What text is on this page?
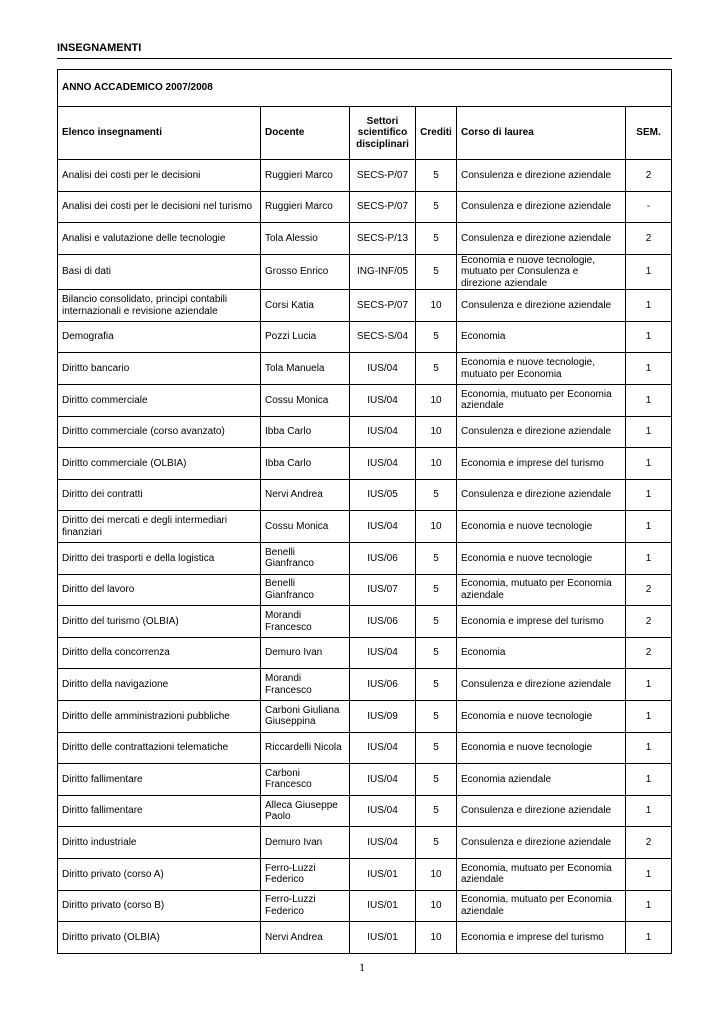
INSEGNAMENTI
ANNO ACCADEMICO 2007/2008					
Elenco insegnamenti	Docente	Settori scientifico disciplinari	Crediti	Corso di laurea	SEM.
Analisi dei costi per le decisioni	Ruggieri Marco	SECS-P/07	5	Consulenza e direzione aziendale	2
Analisi dei costi per le decisioni nel turismo	Ruggieri Marco	SECS-P/07	5	Consulenza e direzione aziendale	-
Analisi e valutazione delle tecnologie	Tola Alessio	SECS-P/13	5	Consulenza e direzione aziendale	2
Basi di dati	Grosso Enrico	ING-INF/05	5	Economia e nuove tecnologie, mutuato per Consulenza e direzione aziendale	1
Bilancio consolidato, principi contabili internazionali e revisione aziendale	Corsi Katia	SECS-P/07	10	Consulenza e direzione aziendale	1
Demografia	Pozzi Lucia	SECS-S/04	5	Economia	1
Diritto bancario	Tola Manuela	IUS/04	5	Economia e nuove tecnologie, mutuato per Economia	1
Diritto commerciale	Cossu Monica	IUS/04	10	Economia, mutuato per Economia aziendale	1
Diritto commerciale (corso avanzato)	Ibba Carlo	IUS/04	10	Consulenza e direzione aziendale	1
Diritto commerciale (OLBIA)	Ibba Carlo	IUS/04	10	Economia e imprese del turismo	1
Diritto dei contratti	Nervi Andrea	IUS/05	5	Consulenza e direzione aziendale	1
Diritto dei mercati e degli intermediari finanziari	Cossu Monica	IUS/04	10	Economia e nuove tecnologie	1
Diritto dei trasporti e della logistica	Benelli Gianfranco	IUS/06	5	Economia e nuove tecnologie	1
Diritto del lavoro	Benelli Gianfranco	IUS/07	5	Economia, mutuato per Economia aziendale	2
Diritto del turismo (OLBIA)	Morandi Francesco	IUS/06	5	Economia e imprese del turismo	2
Diritto della concorrenza	Demuro Ivan	IUS/04	5	Economia	2
Diritto della navigazione	Morandi Francesco	IUS/06	5	Consulenza e direzione aziendale	1
Diritto delle amministrazioni pubbliche	Carboni Giuliana Giuseppina	IUS/09	5	Economia e nuove tecnologie	1
Diritto delle contrattazioni telematiche	Riccardelli Nicola	IUS/04	5	Economia e nuove tecnologie	1
Diritto fallimentare	Carboni Francesco	IUS/04	5	Economia aziendale	1
Diritto fallimentare	Alleca Giuseppe Paolo	IUS/04	5	Consulenza e direzione aziendale	1
Diritto industriale	Demuro Ivan	IUS/04	5	Consulenza e direzione aziendale	2
Diritto privato (corso A)	Ferro-Luzzi Federico	IUS/01	10	Economia, mutuato per Economia aziendale	1
Diritto privato (corso B)	Ferro-Luzzi Federico	IUS/01	10	Economia, mutuato per Economia aziendale	1
Diritto privato (OLBIA)	Nervi Andrea	IUS/01	10	Economia e imprese del turismo	1
1
